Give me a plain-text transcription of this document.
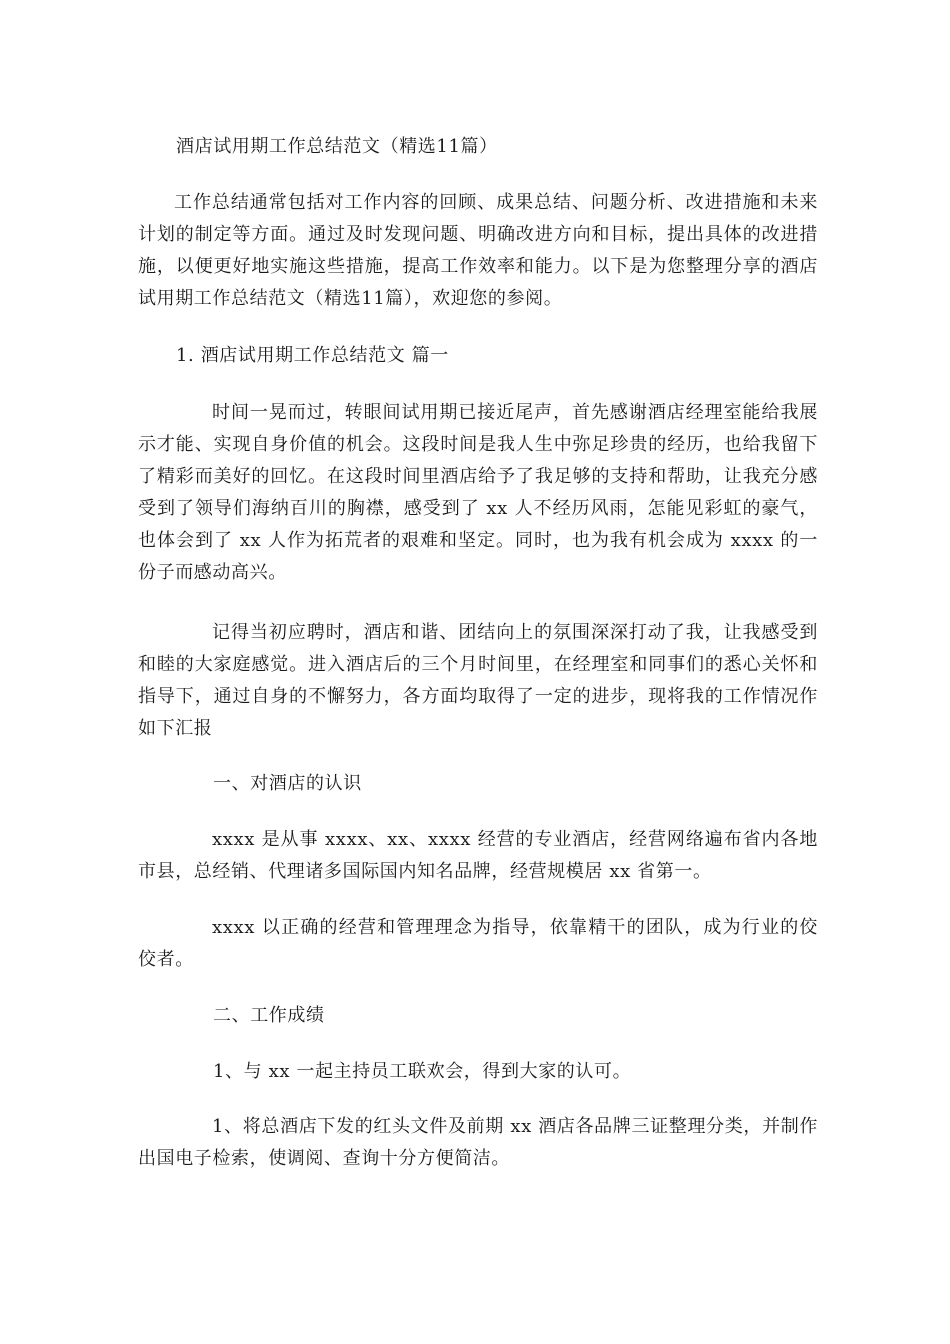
酒店试用期工作总结范文（精选11篇）

工作总结通常包括对工作内容的回顾、成果总结、问题分析、改进措施和未来计划的制定等方面。通过及时发现问题、明确改进方向和目标，提出具体的改进措施，以便更好地实施这些措施，提高工作效率和能力。以下是为您整理分享的酒店试用期工作总结范文（精选11篇），欢迎您的参阅。

1. 酒店试用期工作总结范文 篇一

时间一晃而过，转眼间试用期已接近尾声，首先感谢酒店经理室能给我展示才能、实现自身价值的机会。这段时间是我人生中弥足珍贵的经历，也给我留下了精彩而美好的回忆。在这段时间里酒店给予了我足够的支持和帮助，让我充分感受到了领导们海纳百川的胸襟，感受到了 xx 人不经历风雨，怎能见彩虹的豪气，也体会到了 xx 人作为拓荒者的艰难和坚定。同时，也为我有机会成为 xxxx 的一份子而感动高兴。

记得当初应聘时，酒店和谐、团结向上的氛围深深打动了我，让我感受到和睦的大家庭感觉。进入酒店后的三个月时间里，在经理室和同事们的悉心关怀和指导下，通过自身的不懈努力，各方面均取得了一定的进步，现将我的工作情况作如下汇报

一、对酒店的认识

xxxx 是从事 xxxx、xx、xxxx 经营的专业酒店，经营网络遍布省内各地市县，总经销、代理诸多国际国内知名品牌，经营规模居 xx 省第一。

xxxx 以正确的经营和管理理念为指导，依靠精干的团队，成为行业的佼佼者。

二、工作成绩

1、与 xx 一起主持员工联欢会，得到大家的认可。

1、将总酒店下发的红头文件及前期 xx 酒店各品牌三证整理分类，并制作出国电子检索，使调阅、查询十分方便简洁。
